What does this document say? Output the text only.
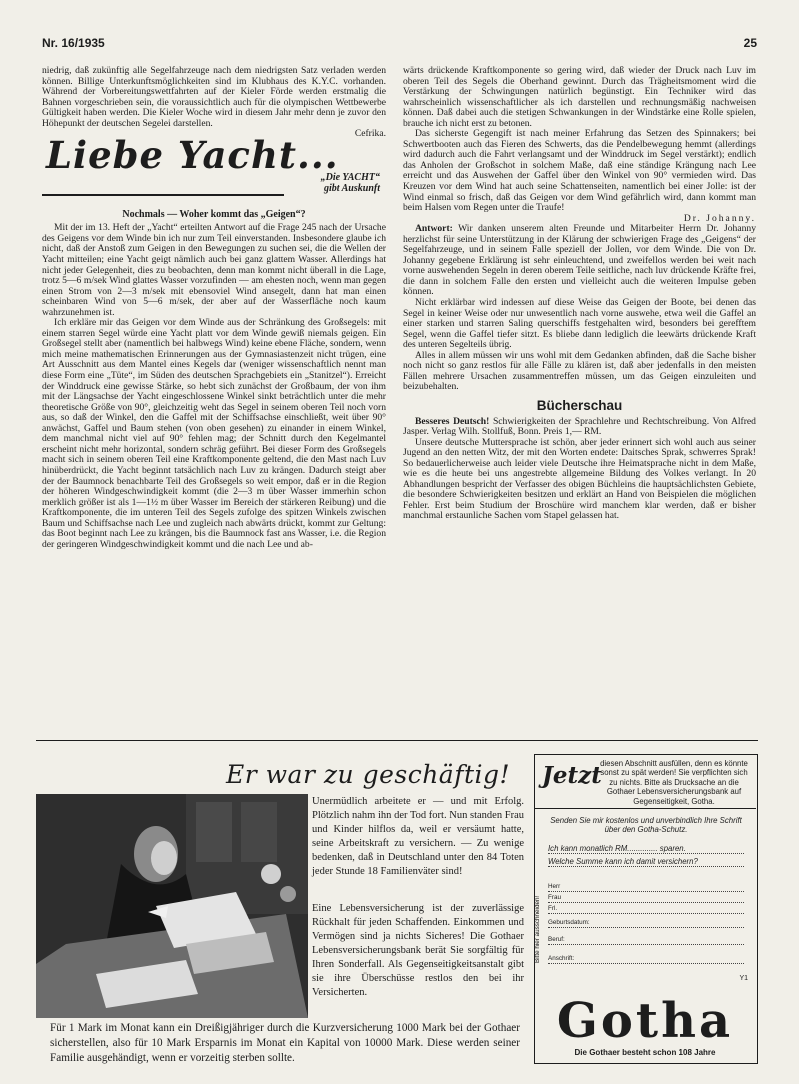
Nr. 16/1935	25

niedrig, daß zukünftig alle Segelfahrzeuge nach dem niedrigsten Satz verladen werden können. Billige Unterkunftsmöglichkeiten sind im Klubhaus des K.Y.C. vorhanden. Während der Vorbereitungswettfahrten auf der Kieler Förde werden erstmalig die Bahnen vorgeschrieben sein, die voraussichtlich auch für die olympischen Wettbewerbe Gültigkeit haben werden. Die Kieler Woche wird in diesem Jahr mehr denn je zuvor den Höhepunkt der deutschen Segelei darstellen.

Cefrika.
Liebe Yacht...
„Die YACHT“
gibt Auskunft
Nochmals — Woher kommt das „Geigen“?

Mit der im 13. Heft der „Yacht“ erteilten Antwort auf die Frage 245 nach der Ursache des Geigens vor dem Winde bin ich nur zum Teil einverstanden. Insbesondere glaube ich nicht, daß der Anstoß zum Geigen in den Bewegungen zu suchen sei, die die Wellen der Yacht mitteilen; eine Yacht geigt nämlich auch bei ganz glattem Wasser. Allerdings hat nicht jeder Gelegenheit, dies zu beobachten, denn man kommt nicht überall in die Lage, trotz 5—6 m/sek Wind glattes Wasser vorzufinden — am ehesten noch, wenn man gegen einen Strom von 2—3 m/sek mit ebensoviel Wind ansegelt, dann hat man einen scheinbaren Wind von 5—6 m/sek, der aber auf der Wasserfläche noch kaum wahrzunehmen ist.

Ich erkläre mir das Geigen vor dem Winde aus der Schränkung des Großsegels: mit einem starren Segel würde eine Yacht platt vor dem Winde gewiß niemals geigen. Ein Großsegel stellt aber (namentlich bei halbwegs Wind) keine ebene Fläche, sondern, wenn mich meine mathematischen Erinnerungen aus der Gymnasiastenzeit nicht trügen, eine Art Ausschnitt aus dem Mantel eines Kegels dar (weniger wissenschaftlich nennt man diese Form eine „Tüte“, im Süden des deutschen Sprachgebiets ein „Stanitzel“). Erreicht der Winddruck eine gewisse Stärke, so hebt sich zunächst der Großbaum, der von ihm mit der Längsachse der Yacht eingeschlossene Winkel sinkt beträchtlich unter die mehr theoretische Größe von 90°, gleichzeitig weht das Segel in seinem oberen Teil noch vorn aus, so daß der Winkel, den die Gaffel mit der Schiffsachse einschließt, weit über 90° anwächst, Gaffel und Baum stehen (von oben gesehen) zu einander in einem Winkel, dem manchmal nicht viel auf 90° fehlen mag; der Schnitt durch den Kegelmantel erscheint nicht mehr horizontal, sondern schräg geführt. Bei dieser Form des Großsegels macht sich in seinem oberen Teil eine Kraftkomponente geltend, die den Mast nach Luv hinüberdrückt, die Yacht beginnt tatsächlich nach Luv zu krängen. Dadurch steigt aber der der Baumnock benachbarte Teil des Großsegels so weit empor, daß er in die Region der höheren Windgeschwindigkeit kommt (die 2—3 m über Wasser immerhin schon merklich größer ist als 1—1½ m über Wasser im Bereich der stärkeren Reibung) und die Kraftkomponente, die im unteren Teil des Segels zufolge des spitzen Winkels zwischen Baum und Schiffsachse nach Lee und zugleich nach abwärts drückt, kommt zur Geltung: das Boot beginnt nach Lee zu krängen, bis die Baumnock fast ans Wasser, i.e. die Region der geringeren Windgeschwindigkeit kommt und die nach Lee und ab-

wärts drückende Kraftkomponente so gering wird, daß wieder der Druck nach Luv im oberen Teil des Segels die Oberhand gewinnt. Durch das Trägheitsmoment wird die Verstärkung der Schwingungen natürlich begünstigt. Ein Techniker wird das wahrscheinlich wissenschaftlicher als ich darstellen und rechnungsmäßig nachweisen können. Daß dabei auch die stetigen Schwankungen in der Windstärke eine Rolle spielen, brauche ich nicht erst zu betonen.

Das sicherste Gegengift ist nach meiner Erfahrung das Setzen des Spinnakers; bei Schwertbooten auch das Fieren des Schwerts, das die Pendelbewegung hemmt (allerdings wird dadurch auch die Fahrt verlangsamt und der Winddruck im Segel verstärkt); endlich das Anholen der Großschot in solchem Maße, daß eine ständige Krängung nach Lee erreicht und das Auswehen der Gaffel über den Winkel von 90° vermieden wird. Das Kreuzen vor dem Wind hat auch seine Schattenseiten, namentlich bei einer Jolle: ist der Wind einmal so frisch, daß das Geigen vor dem Wind gefährlich wird, dann kommt man beim Halsen vom Regen unter die Traufe!

Dr. Johanny.

Antwort: Wir danken unserem alten Freunde und Mitarbeiter Herrn Dr. Johanny herzlichst für seine Unterstützung in der Klärung der schwierigen Frage des „Geigens“ der Segelfahrzeuge, und in seinem Falle speziell der Jollen, vor dem Winde. Die von Dr. Johanny gegebene Erklärung ist sehr einleuchtend, und zweifellos werden bei weit nach vorne auswehenden Segeln in deren oberem Teile seitliche, nach luv drückende Kräfte frei, die dann in solchem Falle den ersten und vielleicht auch die weiteren Impulse geben können.

Nicht erklärbar wird indessen auf diese Weise das Geigen der Boote, bei denen das Segel in keiner Weise oder nur unwesentlich nach vorne auswehe, etwa weil die Gaffel an einer starken und starren Saling querschiffs festgehalten wird, besonders bei gerefftem Segel, wenn die Gaffel tiefer sitzt. Es bliebe dann lediglich die leewärts drückende Kraft des unteren Segelteils übrig.

Alles in allem müssen wir uns wohl mit dem Gedanken abfinden, daß die Sache bisher noch nicht so ganz restlos für alle Fälle zu klären ist, daß aber jedenfalls in den meisten Fällen mehrere Ursachen zusammentreffen müssen, um das Geigen einzuleiten und beizubehalten.

Bücherschau

Besseres Deutsch! Schwierigkeiten der Sprachlehre und Rechtschreibung. Von Alfred Jasper. Verlag Wilh. Stollfuß, Bonn. Preis 1,— RM.

Unsere deutsche Muttersprache ist schön, aber jeder erinnert sich wohl auch aus seiner Jugend an den netten Witz, der mit den Worten endete: Daitsches Sprak, schwerres Sprak! So bedauerlicherweise auch leider viele Deutsche ihre Heimatsprache nicht in dem Maße, wie es die heute bei uns angestrebte allgemeine Bildung des Volkes verlangt. In 20 Abhandlungen bespricht der Verfasser des obigen Büchleins die hauptsächlichsten Gebiete, die besondere Schwierigkeiten besitzen und erklärt an Hand von Beispielen die möglichen Fehler. Erst beim Studium der Broschüre wird manchem klar werden, daß er bisher manchmal erstaunliche Sachen vom Stapel gelassen hat.

Er war zu geschäftig!
Unermüdlich arbeitete er — und mit Erfolg. Plötzlich nahm ihn der Tod fort. Nun standen Frau und Kinder hilflos da, weil er versäumt hatte, seine Arbeitskraft zu versichern. — Zu wenige bedenken, daß in Deutschland unter den 84 Toten jeder Stunde 18 Familienväter sind!
Eine Lebensversicherung ist der zuverlässige Rückhalt für jeden Schaffenden. Einkommen und Vermögen sind ja nichts Sicheres! Die Gothaer Lebensversicherungsbank berät Sie sorgfältig für Ihren Sonderfall. Als Gegenseitigkeitsanstalt gibt sie ihre Überschüsse restlos den bei ihr Versicherten.
Für 1 Mark im Monat kann ein Dreißigjähriger durch die Kurzversicherung 1000 Mark bei der Gothaer sicherstellen, also für 10 Mark Ersparnis im Monat ein Kapital von 10000 Mark. Diese werden seiner Familie ausgehändigt, wenn er vorzeitig sterben sollte.
Jetzt
diesen Abschnitt ausfüllen, denn es könnte sonst zu spät werden! Sie verpflichten sich zu nichts. Bitte als Drucksache an die Gothaer Lebensversicherungsbank auf Gegenseitigkeit, Gotha.
Senden Sie mir kostenlos und unverbindlich Ihre Schrift über den Gotha-Schutz.
Ich kann monatlich RM.............. sparen.
Welche Summe kann ich damit versichern?
Bitte hier ausschneiden!
Herr
Frau
Frl.
Geburtsdatum:
Beruf:
Anschrift:
Y1
Gotha
Die Gothaer besteht schon 108 Jahre
